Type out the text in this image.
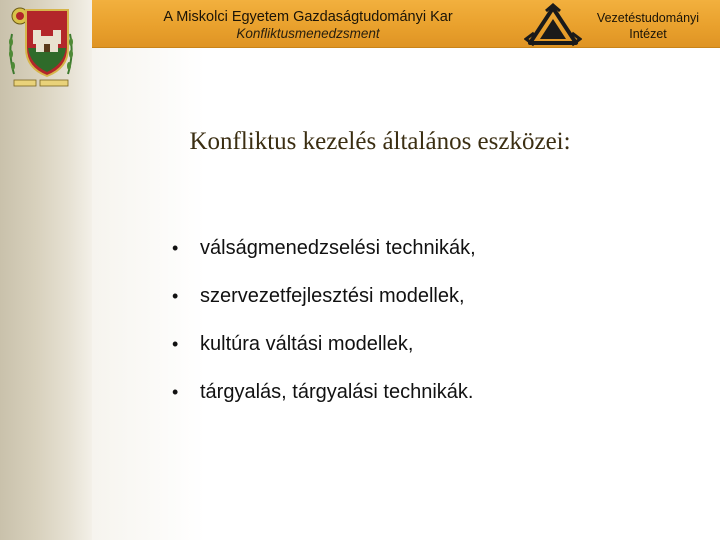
A Miskolci Egyetem Gazdaságtudományi Kar
Konfliktusmenedzsment
Vezetéstudományi
Intézet
Konfliktus kezelés általános eszközei:
• válságmenedzselési technikák,
• szervezetfejlesztési modellek,
• kultúra váltási modellek,
• tárgyalás, tárgyalási technikák.
